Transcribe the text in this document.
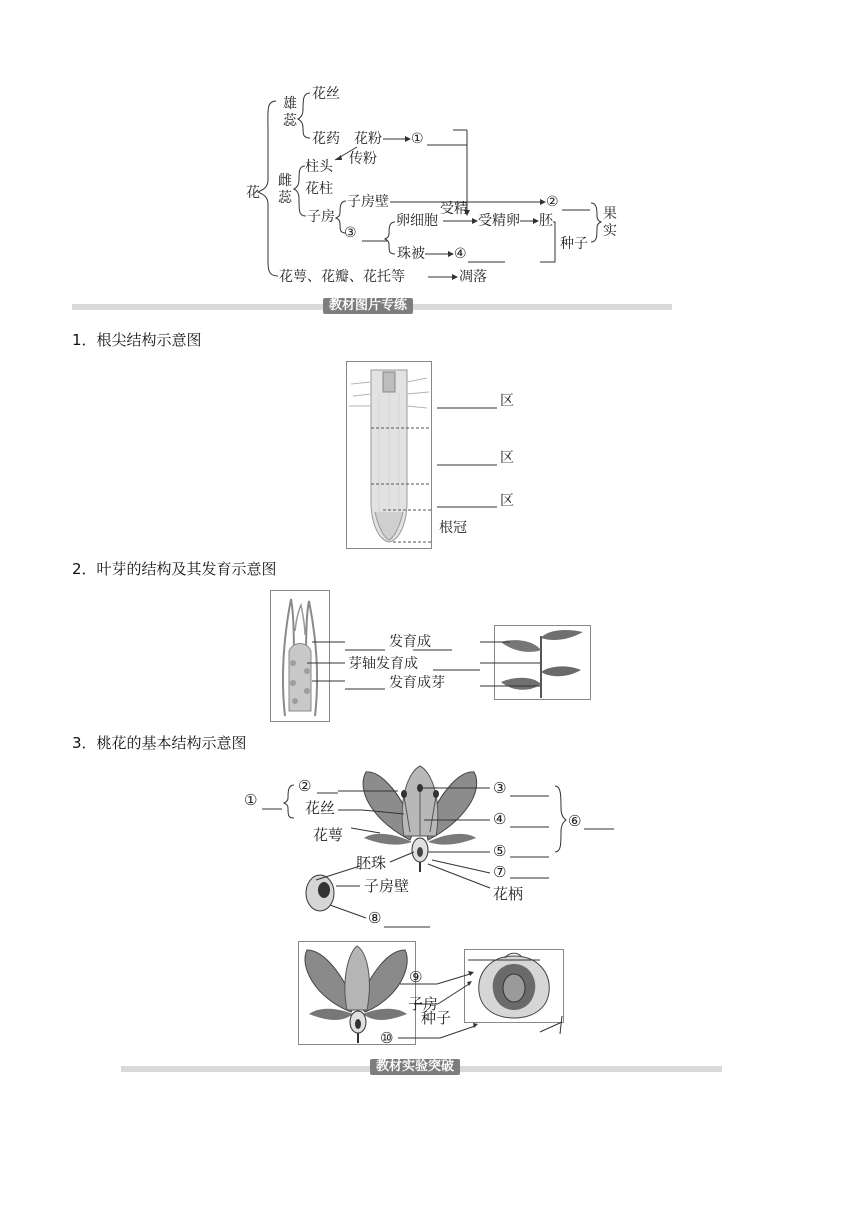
花
雄蕊
花丝
花药 花粉 ①
传粉
雌蕊
柱头
花柱
子房
子房壁	受精	②
③
卵细胞	受精卵 胚
种子
珠被 ④
果实
花萼、花瓣、花托等	凋落
教材图片专练
1．根尖结构示意图
区
区
区
根冠
2．叶芽的结构及其发育示意图
发育成
芽轴发育成
发育成芽
3．桃花的基本结构示意图
①
②
花丝
花萼
胚珠
子房壁
⑧
③
④	⑥
⑤
⑦
花柄
⑨
子房
种子
⑩
教材实验突破
